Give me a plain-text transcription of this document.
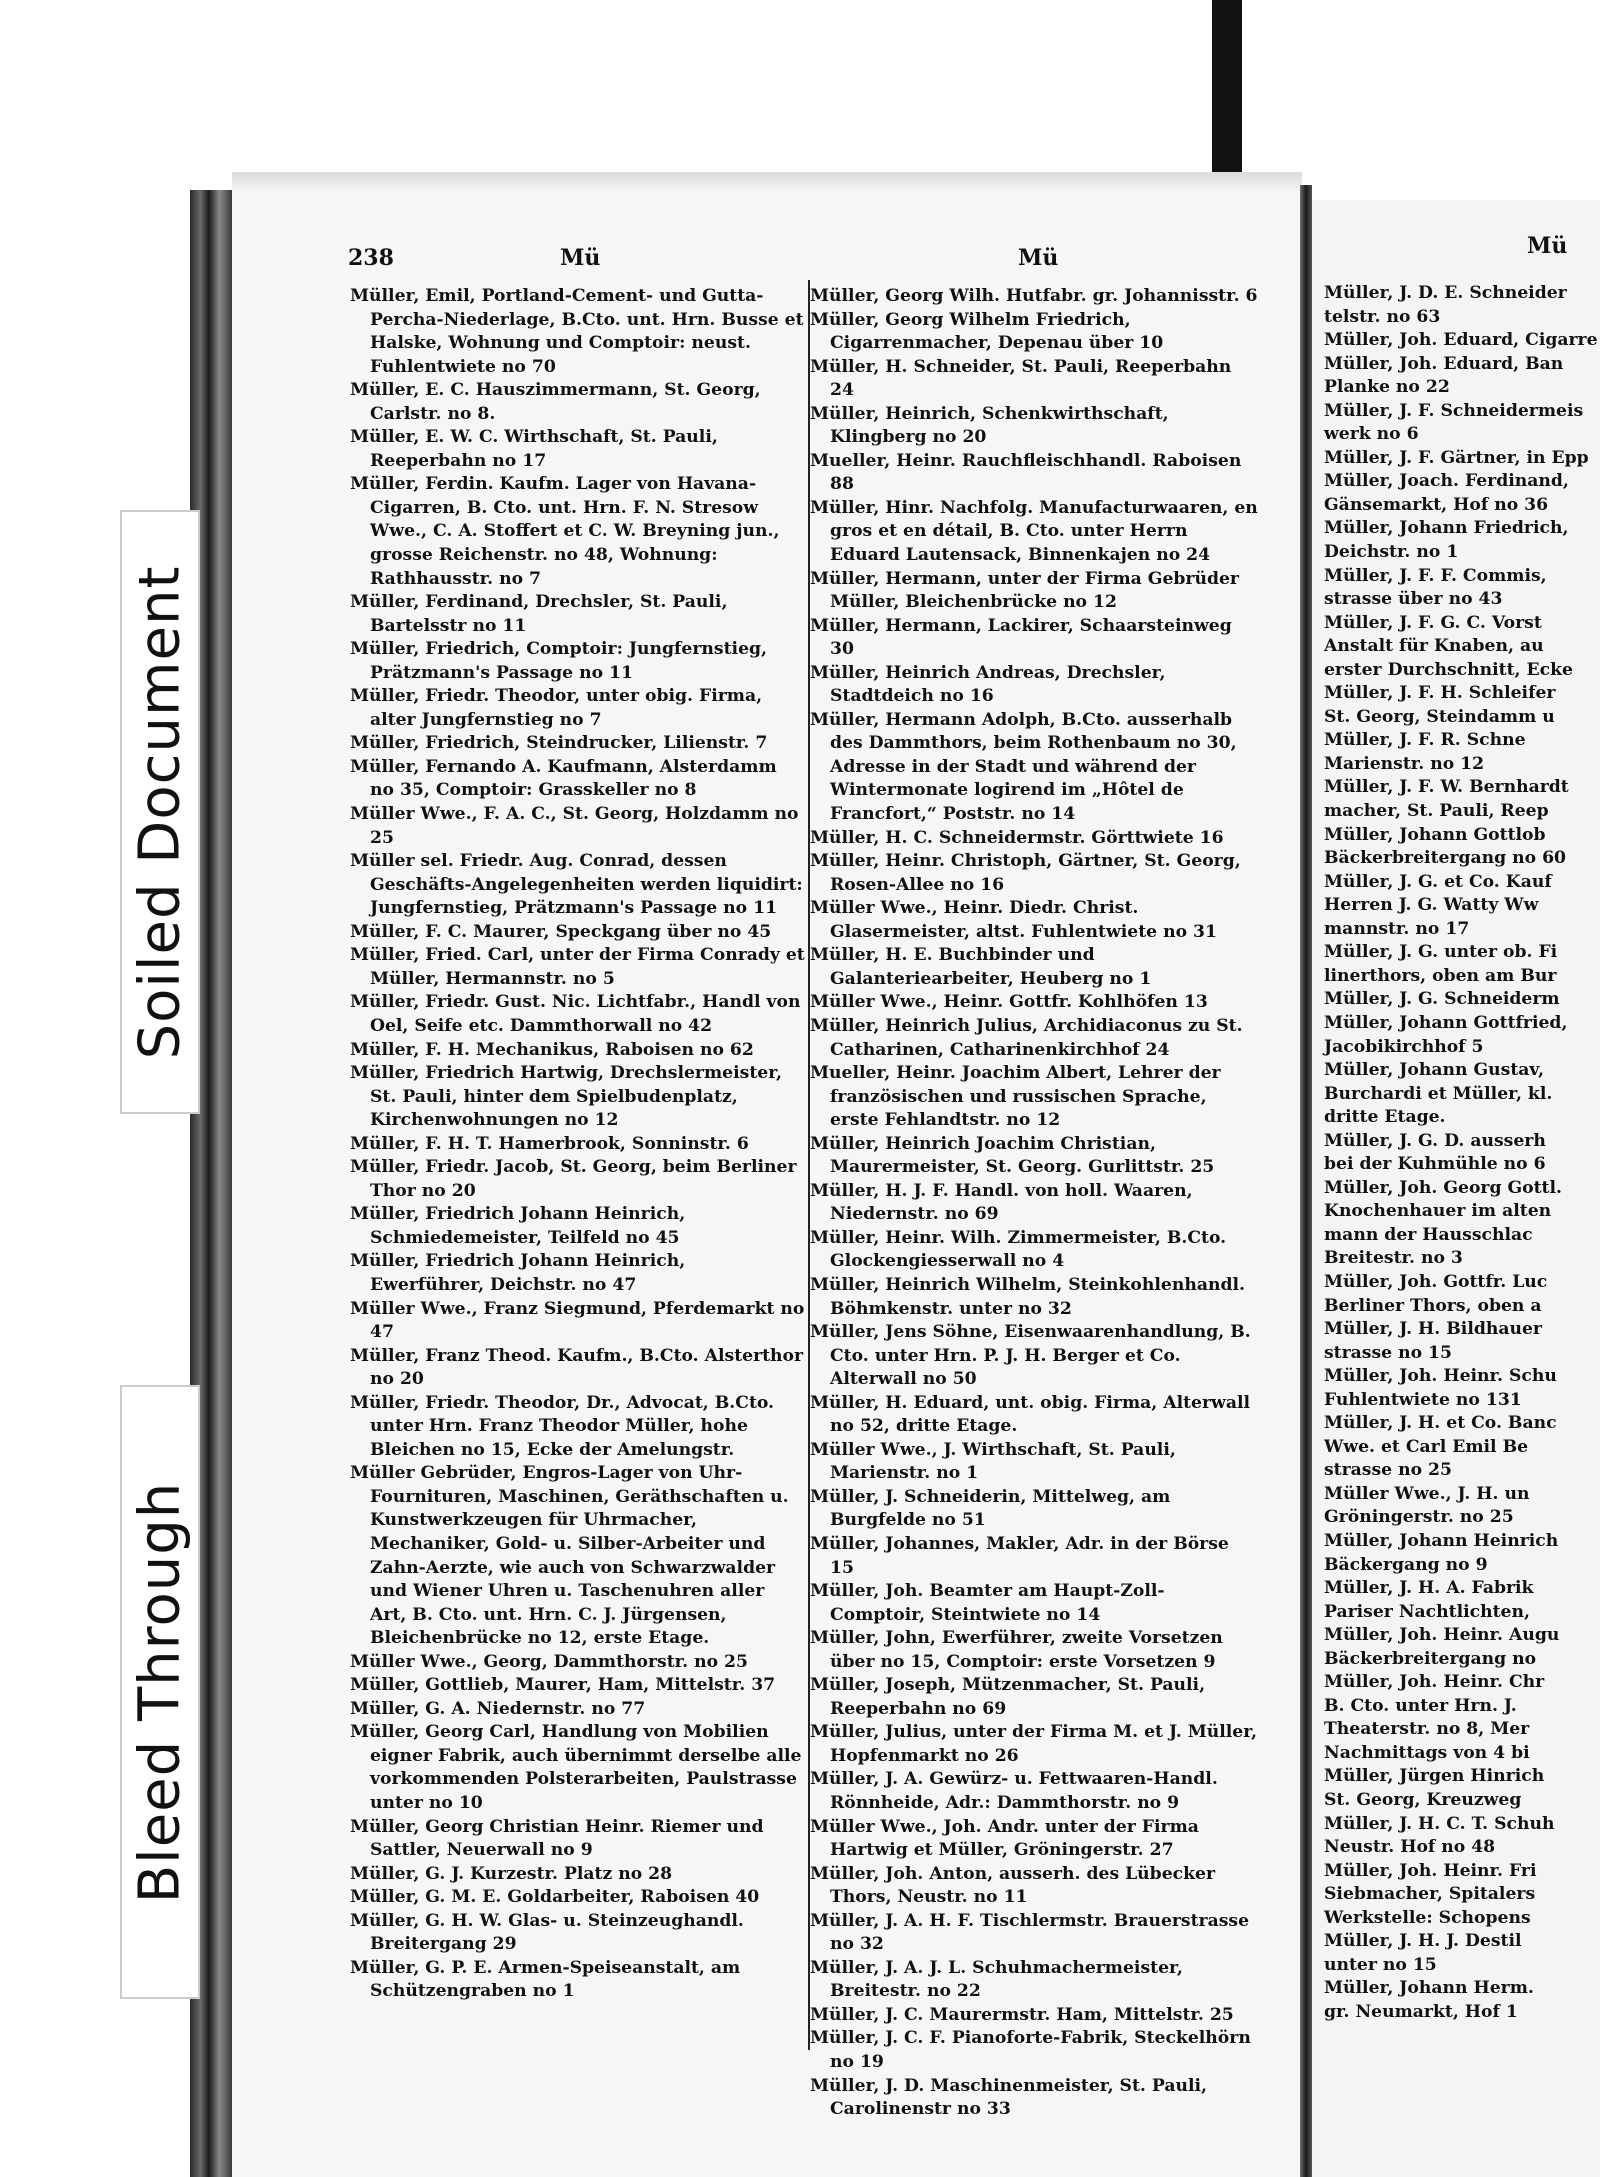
Mü

Müller, J. D. E. Schneider

telstr. no 63

Müller, Joh. Eduard, Cigarre

Müller, Joh. Eduard, Ban

Planke no 22

Müller, J. F. Schneidermeis

werk no 6

Müller, J. F. Gärtner, in Epp

Müller, Joach. Ferdinand,

Gänsemarkt, Hof no 36

Müller, Johann Friedrich,

Deichstr. no 1

Müller, J. F. F. Commis,

strasse über no 43

Müller, J. F. G. C. Vorst

Anstalt für Knaben, au

erster Durchschnitt, Ecke

Müller, J. F. H. Schleifer

St. Georg, Steindamm u

Müller, J. F. R. Schne

Marienstr. no 12

Müller, J. F. W. Bernhardt

macher, St. Pauli, Reep

Müller, Johann Gottlob

Bäckerbreitergang no 60

Müller, J. G. et Co. Kauf

Herren J. G. Watty Ww

mannstr. no 17

Müller, J. G. unter ob. Fi

linerthors, oben am Bur

Müller, J. G. Schneiderm

Müller, Johann Gottfried,

Jacobikirchhof 5

Müller, Johann Gustav,

Burchardi et Müller, kl.

dritte Etage.

Müller, J. G. D. ausserh

bei der Kuhmühle no 6

Müller, Joh. Georg Gottl.

Knochenhauer im alten

mann der Hausschlac

Breitestr. no 3

Müller, Joh. Gottfr. Luc

Berliner Thors, oben a

Müller, J. H. Bildhauer

strasse no 15

Müller, Joh. Heinr. Schu

Fuhlentwiete no 131

Müller, J. H. et Co. Banc

Wwe. et Carl Emil Be

strasse no 25

Müller Wwe., J. H. un

Gröningerstr. no 25

Müller, Johann Heinrich

Bäckergang no 9

Müller, J. H. A. Fabrik

Pariser Nachtlichten,

Müller, Joh. Heinr. Augu

Bäckerbreitergang no

Müller, Joh. Heinr. Chr

B. Cto. unter Hrn. J.

Theaterstr. no 8, Mer

Nachmittags von 4 bi

Müller, Jürgen Hinrich

St. Georg, Kreuzweg

Müller, J. H. C. T. Schuh

Neustr. Hof no 48

Müller, Joh. Heinr. Fri

Siebmacher, Spitalers

Werkstelle: Schopens

Müller, J. H. J. Destil

unter no 15

Müller, Johann Herm.

gr. Neumarkt, Hof 1

238	Mü	Mü

Müller, Emil, Portland-Cement- und Gutta-Percha-Niederlage, B.Cto. unt. Hrn. Busse et Halske, Wohnung und Comptoir: neust. Fuhlentwiete no 70

Müller, E. C. Hauszimmermann, St. Georg, Carlstr. no 8.

Müller, E. W. C. Wirthschaft, St. Pauli, Reeperbahn no 17

Müller, Ferdin. Kaufm. Lager von Havana-Cigarren, B. Cto. unt. Hrn. F. N. Stresow Wwe., C. A. Stoffert et C. W. Breyning jun., grosse Reichenstr. no 48, Wohnung: Rathhausstr. no 7

Müller, Ferdinand, Drechsler, St. Pauli, Bartelsstr no 11

Müller, Friedrich, Comptoir: Jungfernstieg, Prätzmann's Passage no 11

Müller, Friedr. Theodor, unter obig. Firma, alter Jungfernstieg no 7

Müller, Friedrich, Steindrucker, Lilienstr. 7

Müller, Fernando A. Kaufmann, Alsterdamm no 35, Comptoir: Grasskeller no 8

Müller Wwe., F. A. C., St. Georg, Holzdamm no 25

Müller sel. Friedr. Aug. Conrad, dessen Geschäfts-Angelegenheiten werden liquidirt: Jungfernstieg, Prätzmann's Passage no 11

Müller, F. C. Maurer, Speckgang über no 45

Müller, Fried. Carl, unter der Firma Conrady et Müller, Hermannstr. no 5

Müller, Friedr. Gust. Nic. Lichtfabr., Handl von Oel, Seife etc. Dammthorwall no 42

Müller, F. H. Mechanikus, Raboisen no 62

Müller, Friedrich Hartwig, Drechslermeister, St. Pauli, hinter dem Spielbudenplatz, Kirchenwohnungen no 12

Müller, F. H. T. Hamerbrook, Sonninstr. 6

Müller, Friedr. Jacob, St. Georg, beim Berliner Thor no 20

Müller, Friedrich Johann Heinrich, Schmiedemeister, Teilfeld no 45

Müller, Friedrich Johann Heinrich, Ewerführer, Deichstr. no 47

Müller Wwe., Franz Siegmund, Pferdemarkt no 47

Müller, Franz Theod. Kaufm., B.Cto. Alsterthor no 20

Müller, Friedr. Theodor, Dr., Advocat, B.Cto. unter Hrn. Franz Theodor Müller, hohe Bleichen no 15, Ecke der Amelungstr.

Müller Gebrüder, Engros-Lager von Uhr-Fournituren, Maschinen, Geräthschaften u. Kunstwerkzeugen für Uhrmacher, Mechaniker, Gold- u. Silber-Arbeiter und Zahn-Aerzte, wie auch von Schwarzwalder und Wiener Uhren u. Taschenuhren aller Art, B. Cto. unt. Hrn. C. J. Jürgensen, Bleichenbrücke no 12, erste Etage.

Müller Wwe., Georg, Dammthorstr. no 25

Müller, Gottlieb, Maurer, Ham, Mittelstr. 37

Müller, G. A. Niedernstr. no 77

Müller, Georg Carl, Handlung von Mobilien eigner Fabrik, auch übernimmt derselbe alle vorkommenden Polsterarbeiten, Paulstrasse unter no 10

Müller, Georg Christian Heinr. Riemer und Sattler, Neuerwall no 9

Müller, G. J. Kurzestr. Platz no 28

Müller, G. M. E. Goldarbeiter, Raboisen 40

Müller, G. H. W. Glas- u. Steinzeughandl. Breitergang 29

Müller, G. P. E. Armen-Speiseanstalt, am Schützengraben no 1

Müller, Georg Wilh. Hutfabr. gr. Johannisstr. 6

Müller, Georg Wilhelm Friedrich, Cigarrenmacher, Depenau über 10

Müller, H. Schneider, St. Pauli, Reeperbahn 24

Müller, Heinrich, Schenkwirthschaft, Klingberg no 20

Mueller, Heinr. Rauchfleischhandl. Raboisen 88

Müller, Hinr. Nachfolg. Manufacturwaaren, en gros et en détail, B. Cto. unter Herrn Eduard Lautensack, Binnenkajen no 24

Müller, Hermann, unter der Firma Gebrüder Müller, Bleichenbrücke no 12

Müller, Hermann, Lackirer, Schaarsteinweg 30

Müller, Heinrich Andreas, Drechsler, Stadtdeich no 16

Müller, Hermann Adolph, B.Cto. ausserhalb des Dammthors, beim Rothenbaum no 30, Adresse in der Stadt und während der Wintermonate logirend im „Hôtel de Francfort,“ Poststr. no 14

Müller, H. C. Schneidermstr. Görttwiete 16

Müller, Heinr. Christoph, Gärtner, St. Georg, Rosen-Allee no 16

Müller Wwe., Heinr. Diedr. Christ. Glasermeister, altst. Fuhlentwiete no 31

Müller, H. E. Buchbinder und Galanteriearbeiter, Heuberg no 1

Müller Wwe., Heinr. Gottfr. Kohlhöfen 13

Müller, Heinrich Julius, Archidiaconus zu St. Catharinen, Catharinenkirchhof 24

Mueller, Heinr. Joachim Albert, Lehrer der französischen und russischen Sprache, erste Fehlandtstr. no 12

Müller, Heinrich Joachim Christian, Maurermeister, St. Georg. Gurlittstr. 25

Müller, H. J. F. Handl. von holl. Waaren, Niedernstr. no 69

Müller, Heinr. Wilh. Zimmermeister, B.Cto. Glockengiesserwall no 4

Müller, Heinrich Wilhelm, Steinkohlenhandl. Böhmkenstr. unter no 32

Müller, Jens Söhne, Eisenwaarenhandlung, B. Cto. unter Hrn. P. J. H. Berger et Co. Alterwall no 50

Müller, H. Eduard, unt. obig. Firma, Alterwall no 52, dritte Etage.

Müller Wwe., J. Wirthschaft, St. Pauli, Marienstr. no 1

Müller, J. Schneiderin, Mittelweg, am Burgfelde no 51

Müller, Johannes, Makler, Adr. in der Börse 15

Müller, Joh. Beamter am Haupt-Zoll-Comptoir, Steintwiete no 14

Müller, John, Ewerführer, zweite Vorsetzen über no 15, Comptoir: erste Vorsetzen 9

Müller, Joseph, Mützenmacher, St. Pauli, Reeperbahn no 69

Müller, Julius, unter der Firma M. et J. Müller, Hopfenmarkt no 26

Müller, J. A. Gewürz- u. Fettwaaren-Handl. Rönnheide, Adr.: Dammthorstr. no 9

Müller Wwe., Joh. Andr. unter der Firma Hartwig et Müller, Gröningerstr. 27

Müller, Joh. Anton, ausserh. des Lübecker Thors, Neustr. no 11

Müller, J. A. H. F. Tischlermstr. Brauerstrasse no 32

Müller, J. A. J. L. Schuhmachermeister, Breitestr. no 22

Müller, J. C. Maurermstr. Ham, Mittelstr. 25

Müller, J. C. F. Pianoforte-Fabrik, Steckelhörn no 19

Müller, J. D. Maschinenmeister, St. Pauli, Carolinenstr no 33

Soiled Document
Bleed Through
